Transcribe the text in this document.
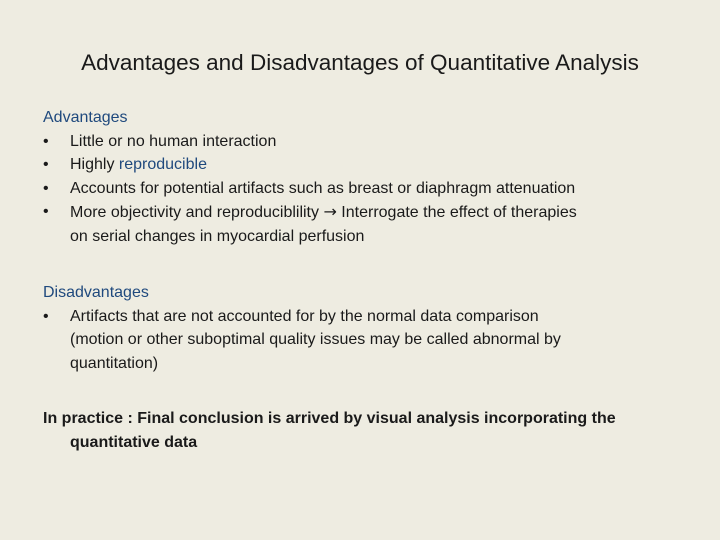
Advantages and Disadvantages of Quantitative Analysis
Advantages
• Little or no human interaction
• Highly reproducible
• Accounts for potential artifacts such as breast or diaphragm attenuation
• More objectivity and reproduciblility → Interrogate the effect of therapies
on serial changes in myocardial perfusion
Disadvantages
• Artifacts that are not accounted for by the normal data comparison
(motion or other suboptimal quality issues may be called abnormal by
quantitation)
In practice : Final conclusion is arrived by visual analysis incorporating the
quantitative data
